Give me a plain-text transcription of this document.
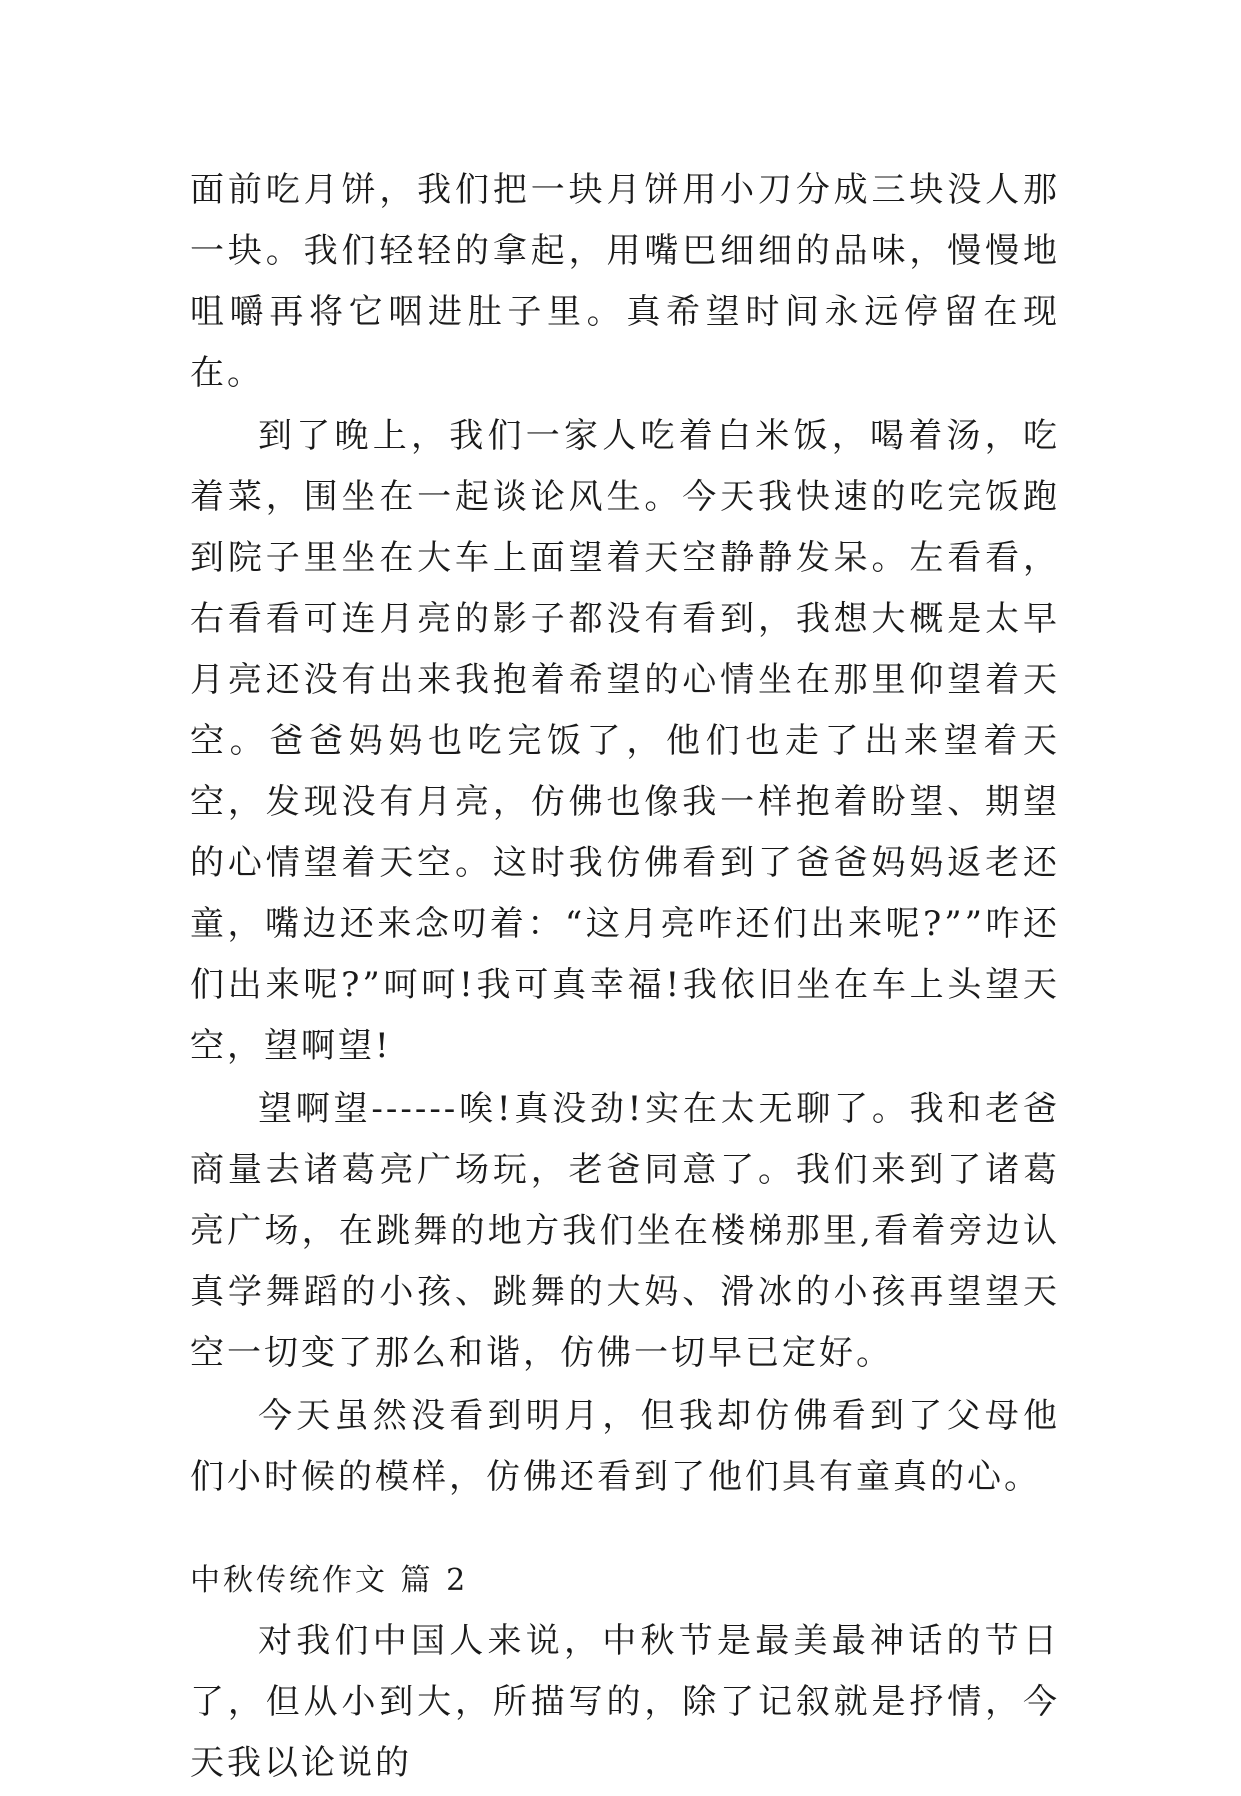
面前吃月饼，我们把一块月饼用小刀分成三块没人那一块。我们轻轻的拿起，用嘴巴细细的品味，慢慢地咀嚼再将它咽进肚子里。真希望时间永远停留在现在。

到了晚上，我们一家人吃着白米饭，喝着汤，吃着菜，围坐在一起谈论风生。今天我快速的吃完饭跑到院子里坐在大车上面望着天空静静发呆。左看看，右看看可连月亮的影子都没有看到，我想大概是太早月亮还没有出来我抱着希望的心情坐在那里仰望着天空。爸爸妈妈也吃完饭了，他们也走了出来望着天空，发现没有月亮，仿佛也像我一样抱着盼望、期望的心情望着天空。这时我仿佛看到了爸爸妈妈返老还童，嘴边还来念叨着：“这月亮咋还们出来呢?””咋还们出来呢?”呵呵!我可真幸福!我依旧坐在车上头望天空，望啊望!

望啊望------唉!真没劲!实在太无聊了。我和老爸商量去诸葛亮广场玩，老爸同意了。我们来到了诸葛亮广场，在跳舞的地方我们坐在楼梯那里,看着旁边认真学舞蹈的小孩、跳舞的大妈、滑冰的小孩再望望天空一切变了那么和谐，仿佛一切早已定好。

今天虽然没看到明月，但我却仿佛看到了父母他们小时候的模样，仿佛还看到了他们具有童真的心。

中秋传统作文 篇 2

对我们中国人来说，中秋节是最美最神话的节日了，但从小到大，所描写的，除了记叙就是抒情，今天我以论说的
